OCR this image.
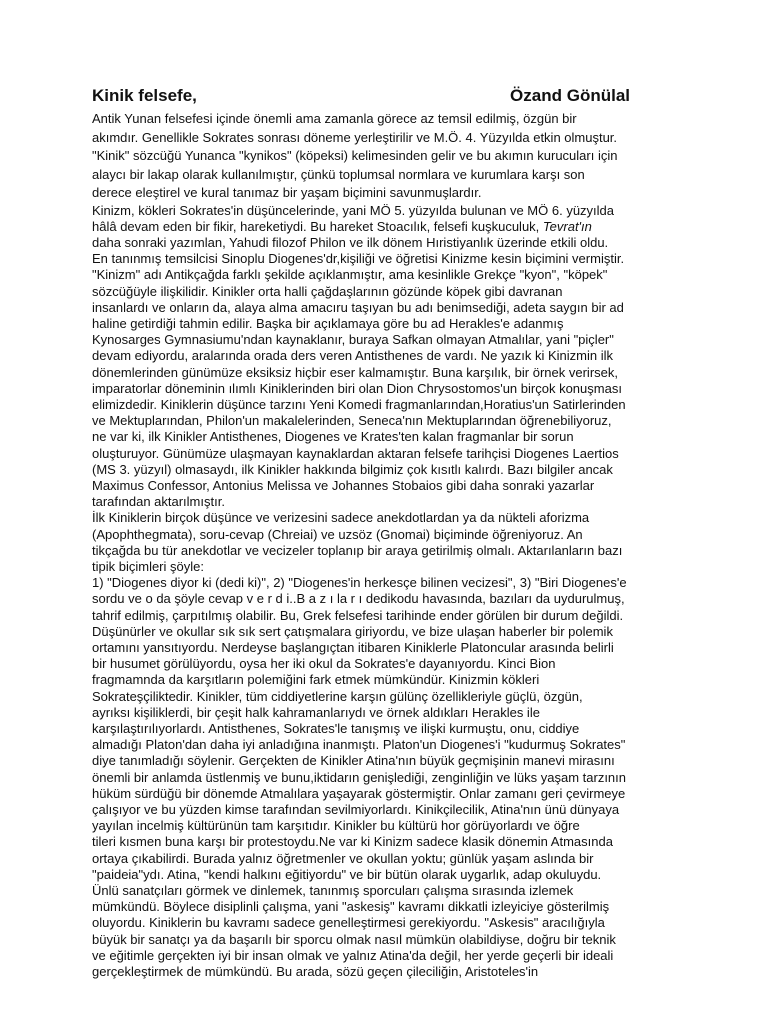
Kinik felsefe,	Özand Gönülal
Antik Yunan felsefesi içinde önemli ama zamanla görece az temsil edilmiş, özgün bir
akımdır. Genellikle Sokrates sonrası döneme yerleştirilir ve M.Ö. 4. Yüzyılda etkin olmuştur.
"Kinik" sözcüğü Yunanca "kynikos" (köpeksi) kelimesinden gelir ve bu akımın kurucuları için
alaycı bir lakap olarak kullanılmıştır, çünkü toplumsal normlara ve kurumlara karşı son
derece eleştirel ve kural tanımaz bir yaşam biçimini savunmuşlardır.
Kinizm, kökleri Sokrates'in düşüncelerinde, yani MÖ 5. yüzyılda bulunan ve MÖ 6. yüzyılda
hâlâ devam eden bir fikir, hareketiydi. Bu hareket Stoacılık, felsefi kuşkuculuk, Tevrat'ın
daha sonraki yazımlan, Yahudi filozof Philon ve ilk dönem Hıristiyanlık üzerinde etkili oldu.
En tanınmış temsilcisi Sinoplu Diogenes'dr,kişiliği ve öğretisi Kinizme kesin biçimini vermiştir.
"Kinizm" adı Antikçağda farklı şekilde açıklanmıştır, ama kesinlikle Grekçe "kyon", "köpek"
sözcüğüyle ilişkilidir. Kinikler orta halli çağdaşlarının gözünde köpek gibi davranan
insanlardı ve onların da, alaya alma amacıru taşıyan bu adı benimsediği, adeta saygın bir ad
haline getirdiği tahmin edilir. Başka bir açıklamaya göre bu ad Herakles'e adanmış
Kynosarges Gymnasiumu'ndan kaynaklanır, buraya Safkan olmayan Atmalılar, yani "piçler"
devam ediyordu, aralarında orada ders veren Antisthenes de vardı. Ne yazık ki Kinizmin ilk
dönemlerinden günümüze eksiksiz hiçbir eser kalmamıştır. Buna karşılık, bir örnek verirsek,
imparatorlar döneminin ılımlı Kiniklerinden biri olan Dion Chrysostomos'un birçok konuşması
elimizdedir. Kiniklerin düşünce tarzını Yeni Komedi fragmanlarından,Horatius'un Satirlerinden
ve Mektuplarından, Philon'un makalelerinden, Seneca'nın Mektuplarından öğrenebiliyoruz,
ne var ki, ilk Kinikler Antisthenes, Diogenes ve Krates'ten kalan fragmanlar bir sorun
oluşturuyor. Günümüze ulaşmayan kaynaklardan aktaran felsefe tarihçisi Diogenes Laertios
(MS 3. yüzyıl) olmasaydı, ilk Kinikler hakkında bilgimiz çok kısıtlı kalırdı. Bazı bilgiler ancak
Maximus Confessor, Antonius Melissa ve Johannes Stobaios gibi daha sonraki yazarlar
tarafından aktarılmıştır.
İlk Kiniklerin birçok düşünce ve verizesini sadece anekdotlardan ya da nükteli aforizma
(Apophthegmata), soru-cevap (Chreiai) ve uzsöz (Gnomai) biçiminde öğreniyoruz. An
tikçağda bu tür anekdotlar ve vecizeler toplanıp bir araya getirilmiş olmalı. Aktarılanların bazı
tipik biçimleri şöyle:
1) "Diogenes diyor ki (dedi ki)", 2) "Diogenes'in herkesçe bilinen vecizesi", 3) "Biri Diogenes'e
sordu ve o da şöyle cevap v e r d i..B a z ı la r ı dedikodu havasında, bazıları da uydurulmuş,
tahrif edilmiş, çarpıtılmış olabilir. Bu, Grek felsefesi tarihinde ender görülen bir durum değildi.
Düşünürler ve okullar sık sık sert çatışmalara giriyordu, ve bize ulaşan haberler bir polemik
ortamını yansıtıyordu. Nerdeyse başlangıçtan itibaren Kiniklerle Platoncular arasında belirli
bir husumet görülüyordu, oysa her iki okul da Sokrates'e dayanıyordu. Kinci Bion
fragmamnda da karşıtların polemiğini fark etmek mümkündür. Kinizmin kökleri
Sokrateşçiliktedir. Kinikler, tüm ciddiyetlerine karşın gülünç özellikleriyle güçlü, özgün,
ayrıksı kişiliklerdi, bir çeşit halk kahramanlarıydı ve örnek aldıkları Herakles ile
karşılaştırılıyorlardı. Antisthenes, Sokrates'le tanışmış ve ilişki kurmuştu, onu, ciddiye
almadığı Platon'dan daha iyi anladığına inanmıştı. Platon'un Diogenes'i "kudurmuş Sokrates"
diye tanımladığı söylenir. Gerçekten de Kinikler Atina'nın büyük geçmişinin manevi mirasını
önemli bir anlamda üstlenmiş ve bunu,iktidarın genişlediği, zenginliğin ve lüks yaşam tarzının
hüküm sürdüğü bir dönemde Atmalılara yaşayarak göstermiştir. Onlar zamanı geri çevirmeye
çalışıyor ve bu yüzden kimse tarafından sevilmiyorlardı. Kinikçilecilik, Atina'nın ünü dünyaya
yayılan incelmiş kültürünün tam karşıtıdır. Kinikler bu kültürü hor görüyorlardı ve öğre
tileri kısmen buna karşı bir protestoydu.Ne var ki Kinizm sadece klasik dönemin Atmasında
ortaya çıkabilirdi. Burada yalnız öğretmenler ve okullan yoktu; günlük yaşam aslında bir
"paideia"ydı. Atina, "kendi halkını eğitiyordu" ve bir bütün olarak uygarlık, adap okuluydu.
Ünlü sanatçıları görmek ve dinlemek, tanınmış sporcuları çalışma sırasında izlemek
mümkündü. Böylece disiplinli çalışma, yani "askesiş" kavramı dikkatli izleyiciye gösterilmiş
oluyordu. Kiniklerin bu kavramı sadece genelleştirmesi gerekiyordu. "Askesis" aracılığıyla
büyük bir sanatçı ya da başarılı bir sporcu olmak nasıl mümkün olabildiyse, doğru bir teknik
ve eğitimle gerçekten iyi bir insan olmak ve yalnız Atina'da değil, her yerde geçerli bir ideali
gerçekleştirmek de mümkündü. Bu arada, sözü geçen çileciliğin, Aristoteles'in
